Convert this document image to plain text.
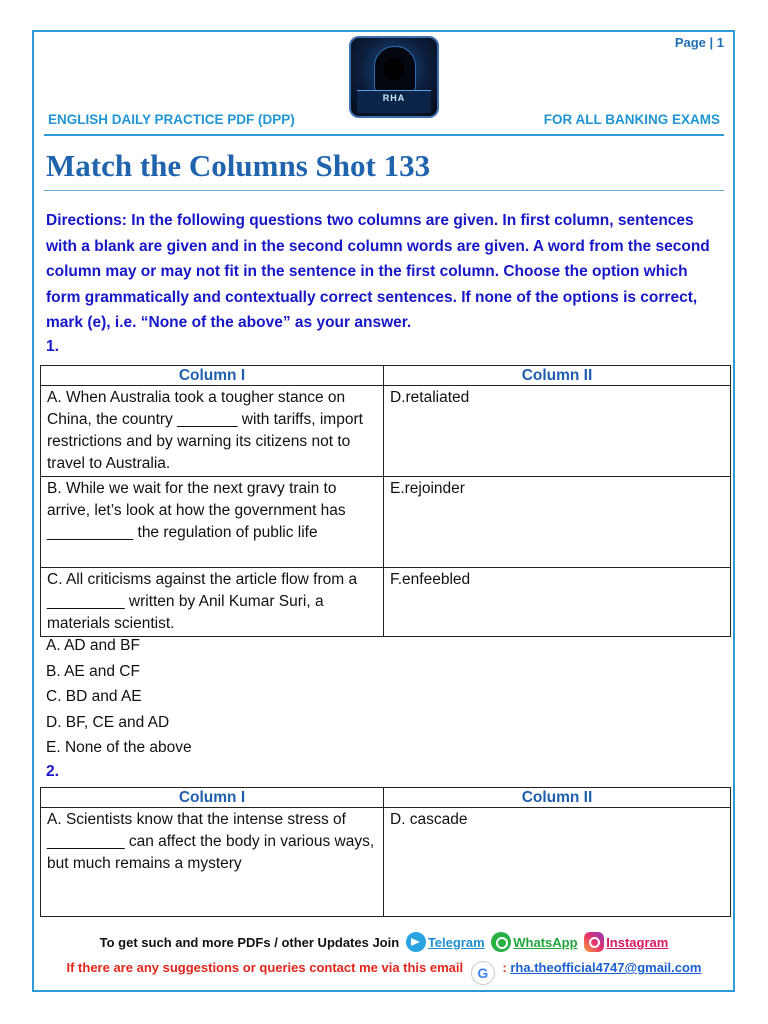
Page | 1
RHA
ENGLISH DAILY PRACTICE PDF (DPP)	FOR ALL BANKING EXAMS
Match the Columns Shot 133
Directions: In the following questions two columns are given. In first column, sentences with a blank are given and in the second column words are given. A word from the second column may or may not fit in the sentence in the first column. Choose the option which form grammatically and contextually correct sentences. If none of the options is correct, mark (e), i.e. “None of the above” as your answer.
1.
Column I	Column II
A. When Australia took a tougher stance on China, the country _______ with tariffs, import restrictions and by warning its citizens not to travel to Australia.	D.retaliated
B. While we wait for the next gravy train to arrive, let’s look at how the government has __________ the regulation of public life	E.rejoinder
C. All criticisms against the article flow from a _________ written by Anil Kumar Suri, a materials scientist.	F.enfeebled
A. AD and BF
B. AE and CF
C. BD and AE
D. BF, CE and AD
E. None of the above
2.
Column I	Column II
A. Scientists know that the intense stress of _________ can affect the body in various ways, but much remains a mystery	D. cascade
To get such and more PDFs / other Updates Join Telegram WhatsApp Instagram
If there are any suggestions or queries contact me via this email G : rha.theofficial4747@gmail.com
